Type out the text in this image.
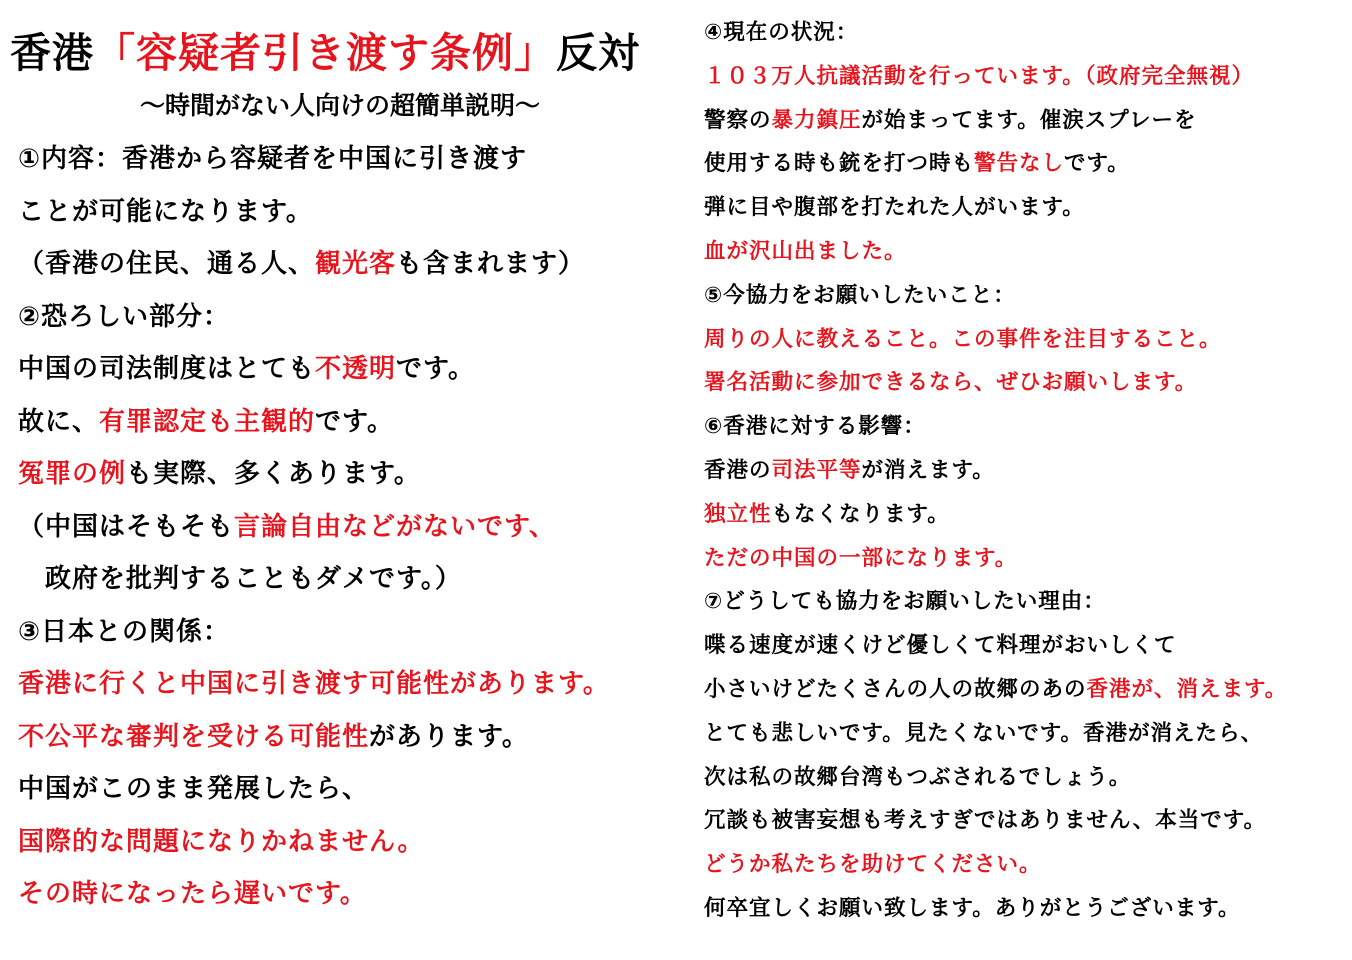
香港「容疑者引き渡す条例」反対
〜時間がない人向けの超簡単説明〜
①内容：香港から容疑者を中国に引き渡す
ことが可能になります。
（香港の住民、通る人、観光客も含まれます）
②恐ろしい部分：
中国の司法制度はとても不透明です。
故に、有罪認定も主観的です。
冤罪の例も実際、多くあります。
（中国はそもそも言論自由などがないです、
　政府を批判することもダメです。）
③日本との関係：
香港に行くと中国に引き渡す可能性があります。
不公平な審判を受ける可能性があります。
中国がこのまま発展したら、
国際的な問題になりかねません。
その時になったら遅いです。
④現在の状況：
１０３万人抗議活動を行っています。（政府完全無視）
警察の暴力鎮圧が始まってます。催涙スプレーを
使用する時も銃を打つ時も警告なしです。
弾に目や腹部を打たれた人がいます。
血が沢山出ました。
⑤今協力をお願いしたいこと：
周りの人に教えること。この事件を注目すること。
署名活動に参加できるなら、ぜひお願いします。
⑥香港に対する影響：
香港の司法平等が消えます。
独立性もなくなります。
ただの中国の一部になります。
⑦どうしても協力をお願いしたい理由：
喋る速度が速くけど優しくて料理がおいしくて
小さいけどたくさんの人の故郷のあの香港が、消えます。
とても悲しいです。見たくないです。香港が消えたら、
次は私の故郷台湾もつぶされるでしょう。
冗談も被害妄想も考えすぎではありません、本当です。
どうか私たちを助けてください。
何卒宜しくお願い致します。ありがとうございます。
